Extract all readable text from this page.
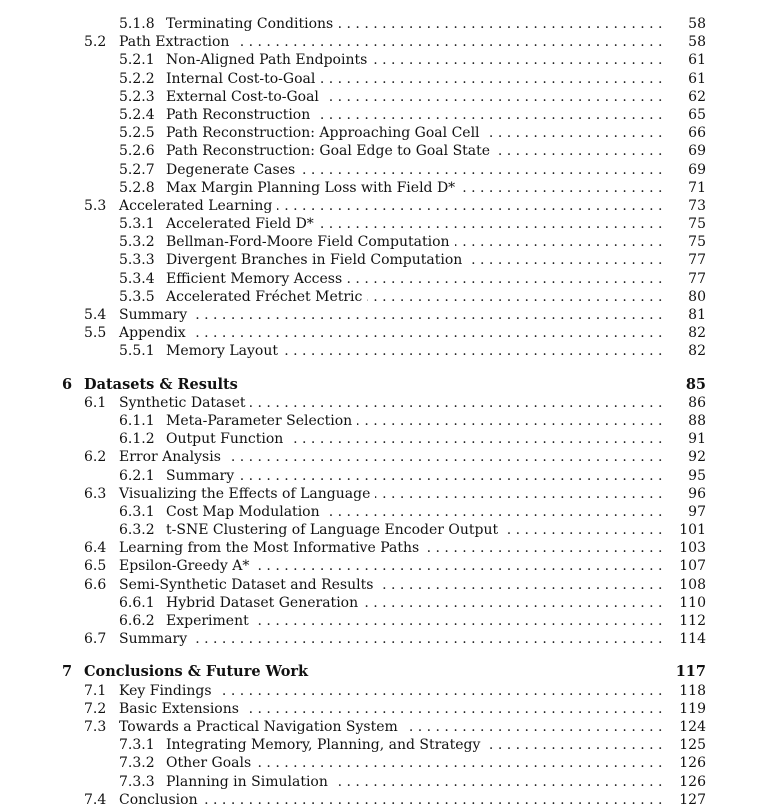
. . .
5.1.8 Terminating Conditions	58
. . .
5.2 Path Extraction	58
. . .
5.2.1 Non-Aligned Path Endpoints	61
. . .
5.2.2 Internal Cost-to-Goal	61
. . .
5.2.3 External Cost-to-Goal	62
. . .
5.2.4 Path Reconstruction	65
. . .
5.2.5 Path Reconstruction: Approaching Goal Cell	66
. . .
5.2.6 Path Reconstruction: Goal Edge to Goal State	69
. . .
5.2.7 Degenerate Cases	69
. . .
5.2.8 Max Margin Planning Loss with Field D*	71
. . .
5.3 Accelerated Learning	73
. . .
5.3.1 Accelerated Field D*	75
. . .
5.3.2 Bellman-Ford-Moore Field Computation	75
. . .
5.3.3 Divergent Branches in Field Computation	77
. . .
5.3.4 Efficient Memory Access	77
. . .
5.3.5 Accelerated Fréchet Metric	80
. . .
5.4 Summary	81
. . .
5.5 Appendix	82
. . .
5.5.1 Memory Layout	82
6 Datasets & Results	85
. . .
6.1 Synthetic Dataset	86
. . .
6.1.1 Meta-Parameter Selection	88
. . .
6.1.2 Output Function	91
. . .
6.2 Error Analysis	92
. . .
6.2.1 Summary	95
. . .
6.3 Visualizing the Effects of Language	96
. . .
6.3.1 Cost Map Modulation	97
. . .
6.3.2 t-SNE Clustering of Language Encoder Output	101
. . .
6.4 Learning from the Most Informative Paths	103
. . .
6.5 Epsilon-Greedy A*	107
. . .
6.6 Semi-Synthetic Dataset and Results	108
. . .
6.6.1 Hybrid Dataset Generation	110
. . .
6.6.2 Experiment	112
. . .
6.7 Summary	114
7 Conclusions & Future Work	117
. . .
7.1 Key Findings	118
. . .
7.2 Basic Extensions	119
. . .
7.3 Towards a Practical Navigation System	124
. . .
7.3.1 Integrating Memory, Planning, and Strategy	125
. . .
7.3.2 Other Goals	126
. . .
7.3.3 Planning in Simulation	126
. . .
7.4 Conclusion	127
